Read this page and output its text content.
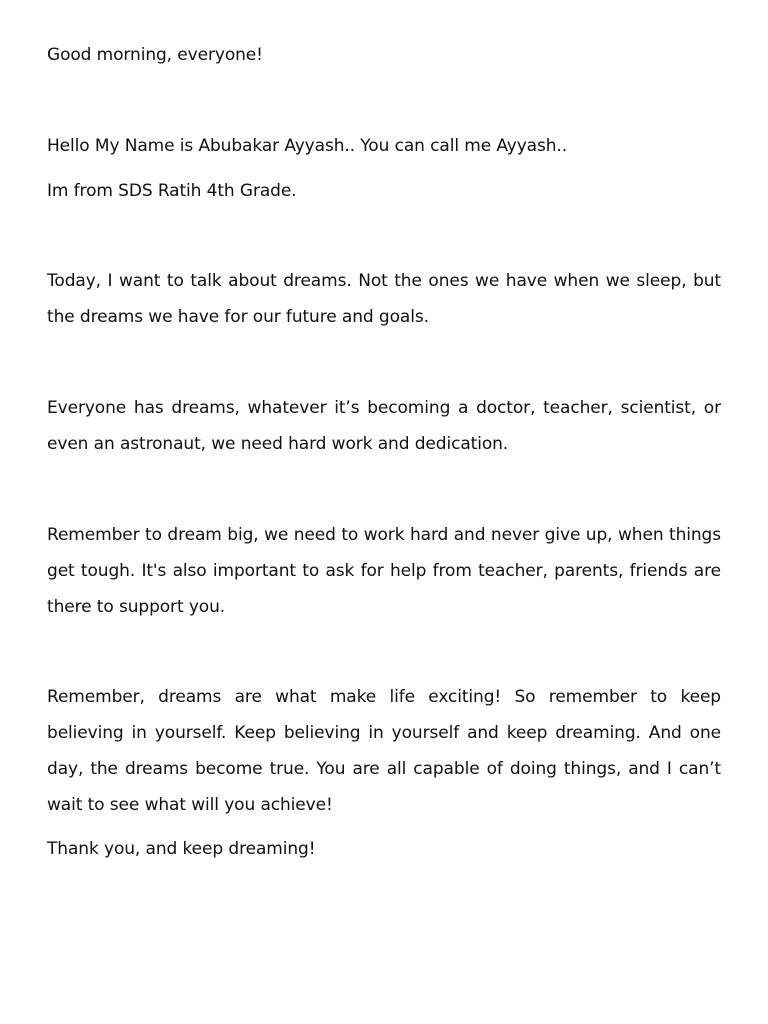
Good morning, everyone!

Hello My Name is Abubakar Ayyash.. You can call me Ayyash..

Im from SDS Ratih 4th Grade.

Today, I want to talk about dreams. Not the ones we have when we sleep, but the dreams we have for our future and goals.

Everyone has dreams, whatever it’s becoming a doctor, teacher, scientist, or even an astronaut, we need hard work and dedication.

Remember to dream big, we need to work hard and never give up, when things get tough. It's also important to ask for help from teacher, parents, friends are there to support you.

Remember, dreams are what make life exciting! So remember to keep believing in yourself. Keep believing in yourself and keep dreaming. And one day, the dreams become true. You are all capable of doing things, and I can’t wait to see what will you achieve!

Thank you, and keep dreaming!
